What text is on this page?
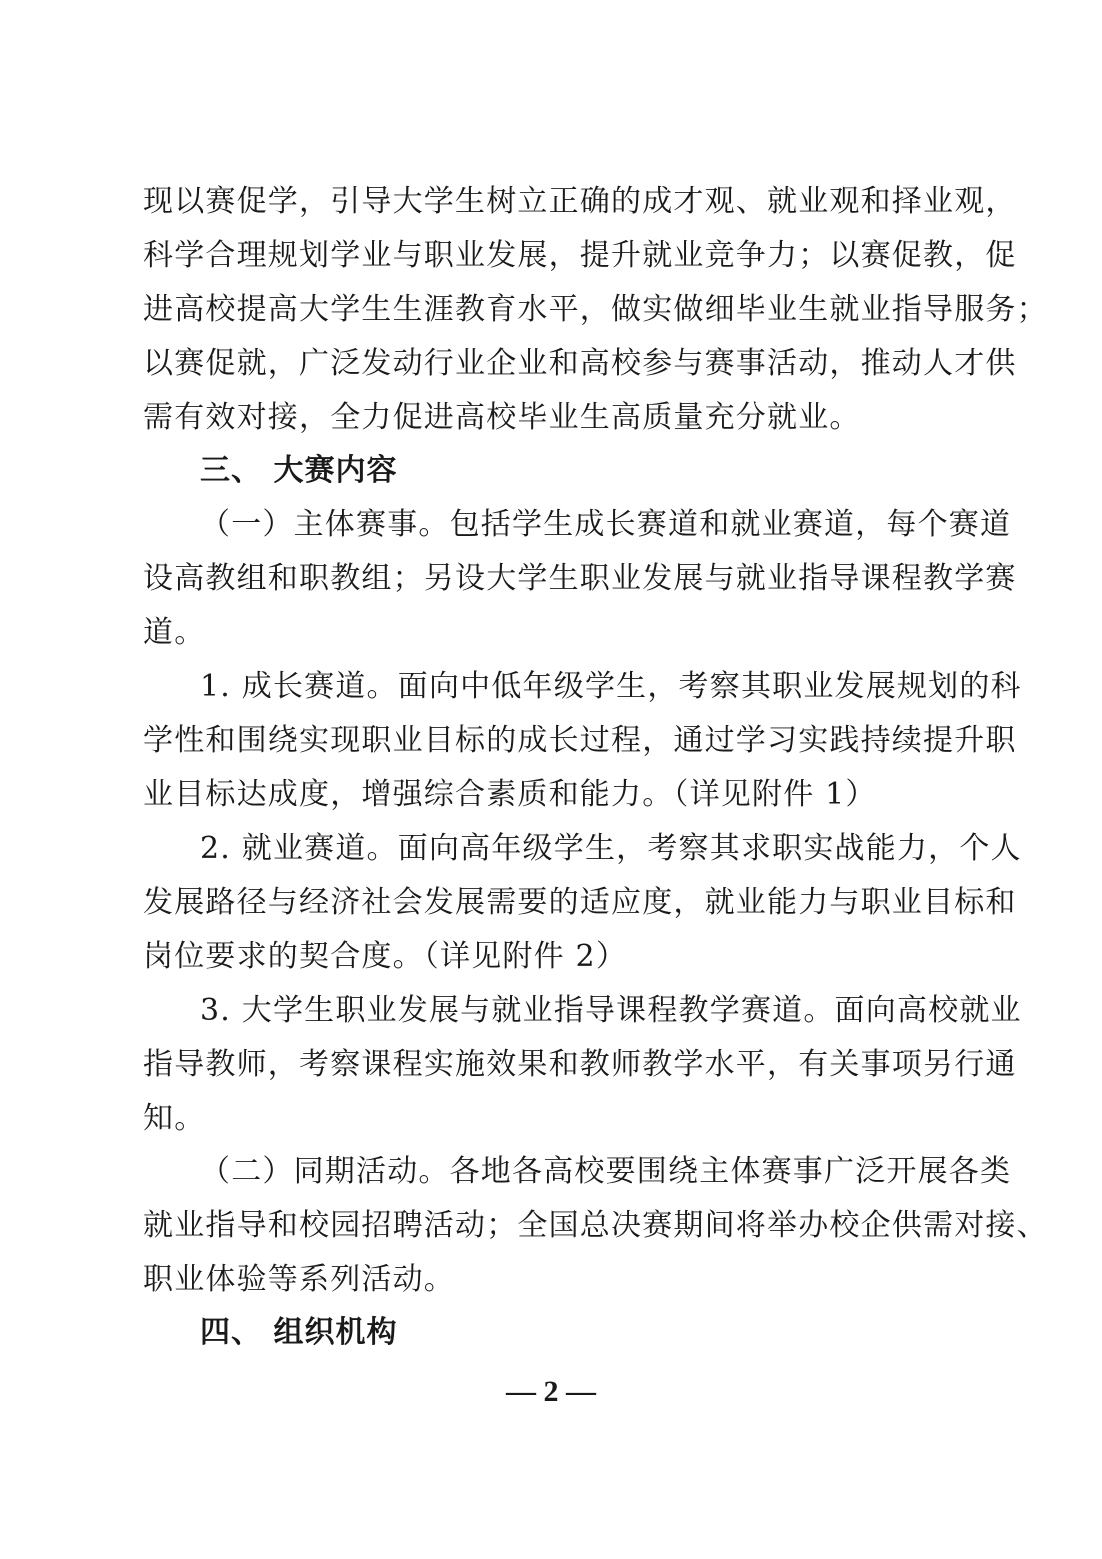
现以赛促学，引导大学生树立正确的成才观、就业观和择业观，
科学合理规划学业与职业发展，提升就业竞争力；以赛促教，促
进高校提高大学生生涯教育水平，做实做细毕业生就业指导服务；
以赛促就，广泛发动行业企业和高校参与赛事活动，推动人才供
需有效对接，全力促进高校毕业生高质量充分就业。
三、 大赛内容
（一）主体赛事。包括学生成长赛道和就业赛道，每个赛道
设高教组和职教组；另设大学生职业发展与就业指导课程教学赛
道。
1. 成长赛道。面向中低年级学生，考察其职业发展规划的科
学性和围绕实现职业目标的成长过程，通过学习实践持续提升职
业目标达成度，增强综合素质和能力。（详见附件 1）
2. 就业赛道。面向高年级学生，考察其求职实战能力，个人
发展路径与经济社会发展需要的适应度，就业能力与职业目标和
岗位要求的契合度。（详见附件 2）
3. 大学生职业发展与就业指导课程教学赛道。面向高校就业
指导教师，考察课程实施效果和教师教学水平，有关事项另行通
知。
（二）同期活动。各地各高校要围绕主体赛事广泛开展各类
就业指导和校园招聘活动；全国总决赛期间将举办校企供需对接、
职业体验等系列活动。
四、 组织机构
— 2 —
